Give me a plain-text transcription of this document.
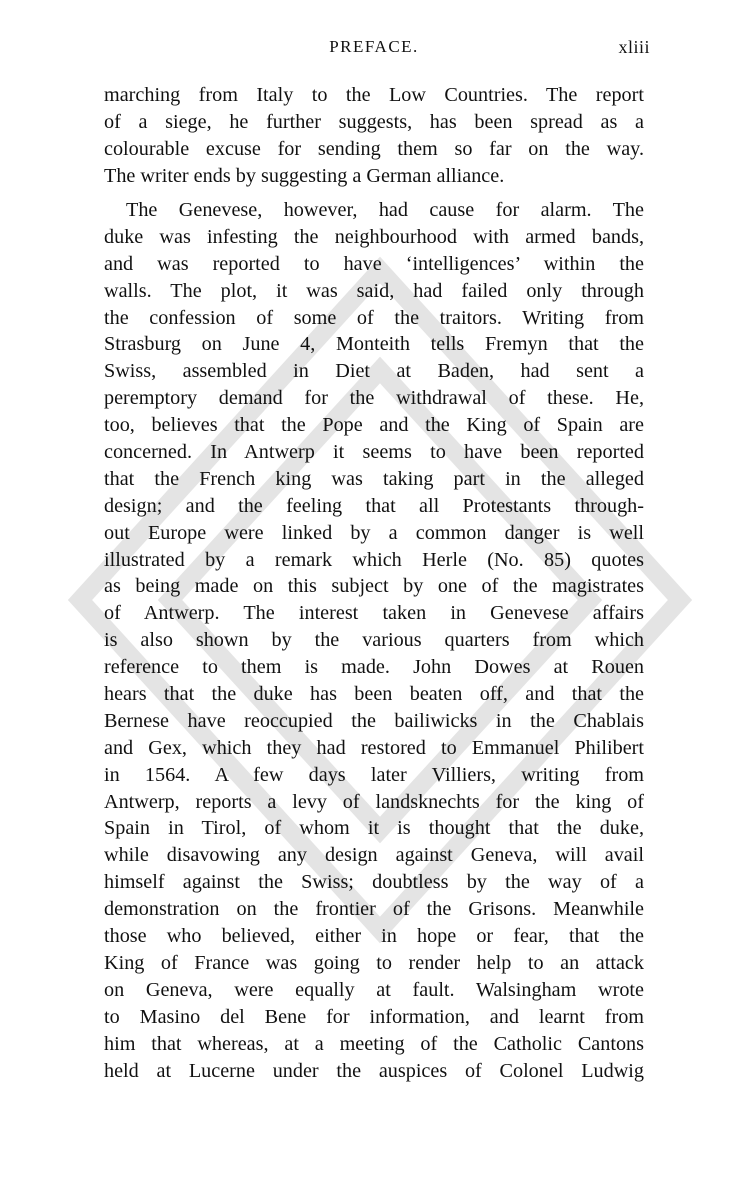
PREFACE.	xliii
marching from Italy to the Low Countries. The report
of a siege, he further suggests, has been spread as a
colourable excuse for sending them so far on the way.
The writer ends by suggesting a German alliance.
The Genevese, however, had cause for alarm. The
duke was infesting the neighbourhood with armed bands,
and was reported to have ‘intelligences’ within the
walls. The plot, it was said, had failed only through
the confession of some of the traitors. Writing from
Strasburg on June 4, Monteith tells Fremyn that the
Swiss, assembled in Diet at Baden, had sent a
peremptory demand for the withdrawal of these. He,
too, believes that the Pope and the King of Spain are
concerned. In Antwerp it seems to have been reported
that the French king was taking part in the alleged
design; and the feeling that all Protestants through-
out Europe were linked by a common danger is well
illustrated by a remark which Herle (No. 85) quotes
as being made on this subject by one of the magistrates
of Antwerp. The interest taken in Genevese affairs
is also shown by the various quarters from which
reference to them is made. John Dowes at Rouen
hears that the duke has been beaten off, and that the
Bernese have reoccupied the bailiwicks in the Chablais
and Gex, which they had restored to Emmanuel Philibert
in 1564. A few days later Villiers, writing from
Antwerp, reports a levy of landsknechts for the king of
Spain in Tirol, of whom it is thought that the duke,
while disavowing any design against Geneva, will avail
himself against the Swiss; doubtless by the way of a
demonstration on the frontier of the Grisons. Meanwhile
those who believed, either in hope or fear, that the
King of France was going to render help to an attack
on Geneva, were equally at fault. Walsingham wrote
to Masino del Bene for information, and learnt from
him that whereas, at a meeting of the Catholic Cantons
held at Lucerne under the auspices of Colonel Ludwig
